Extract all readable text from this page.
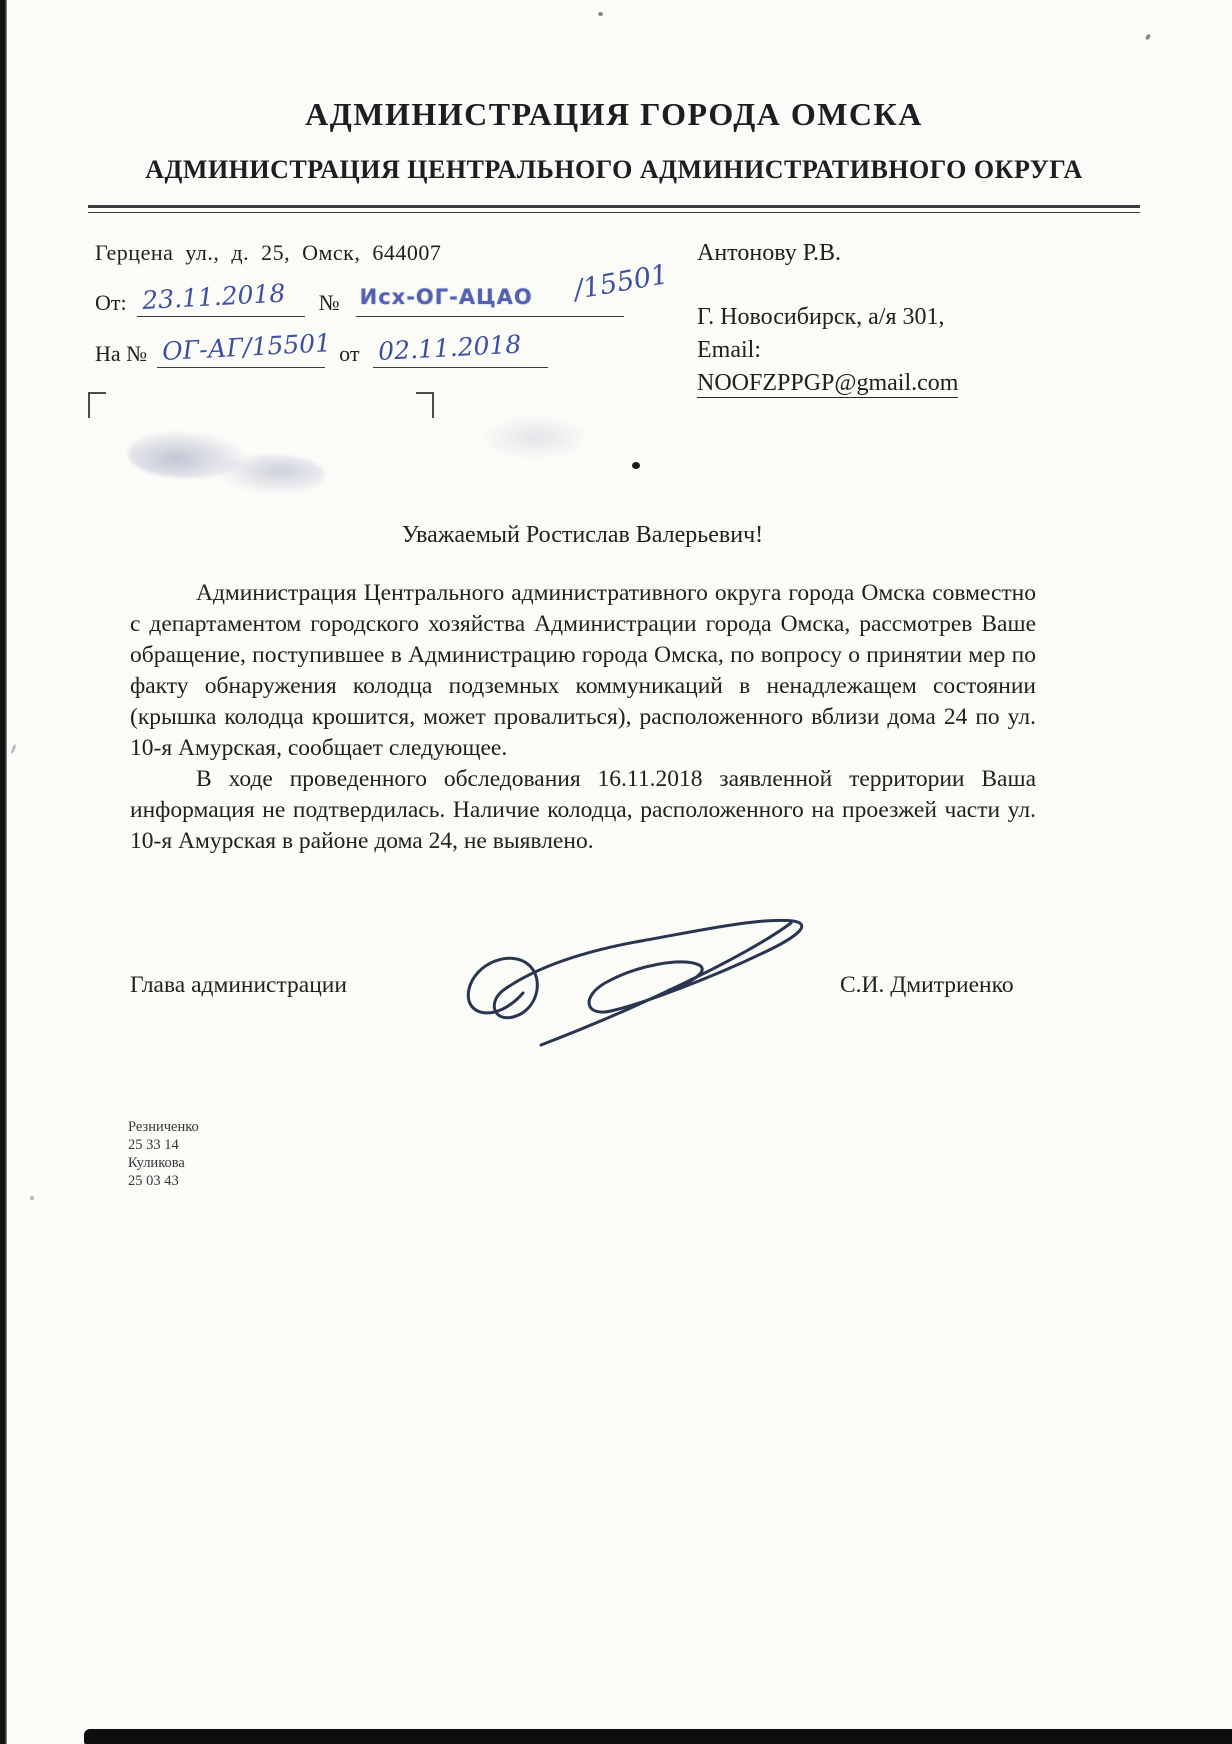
АДМИНИСТРАЦИЯ ГОРОДА ОМСКА
АДМИНИСТРАЦИЯ ЦЕНТРАЛЬНОГО АДМИНИСТРАТИВНОГО ОКРУГА
Герцена ул., д. 25, Омск, 644007
От: 23.11.2018 № Исх-ОГ-АЦАО /15501
На № ОГ-АГ/15501 от 02.11.2018
Антонову Р.В.
Г. Новосибирск, а/я 301,
Email:
NOOFZPPGP@gmail.com
Уважаемый Ростислав Валерьевич!

Администрация Центрального административного округа города Омска совместно с департаментом городского хозяйства Администрации города Омска, рассмотрев Ваше обращение, поступившее в Администрацию города Омска, по вопросу о принятии мер по факту обнаружения колодца подземных коммуникаций в ненадлежащем состоянии (крышка колодца крошится, может провалиться), расположенного вблизи дома 24 по ул. 10-я Амурская, сообщает следующее.

В ходе проведенного обследования 16.11.2018 заявленной территории Ваша информация не подтвердилась. Наличие колодца, расположенного на проезжей части ул. 10-я Амурская в районе дома 24, не выявлено.

Глава администрации	С.И. Дмитриенко
Резниченко
25 33 14
Куликова
25 03 43
